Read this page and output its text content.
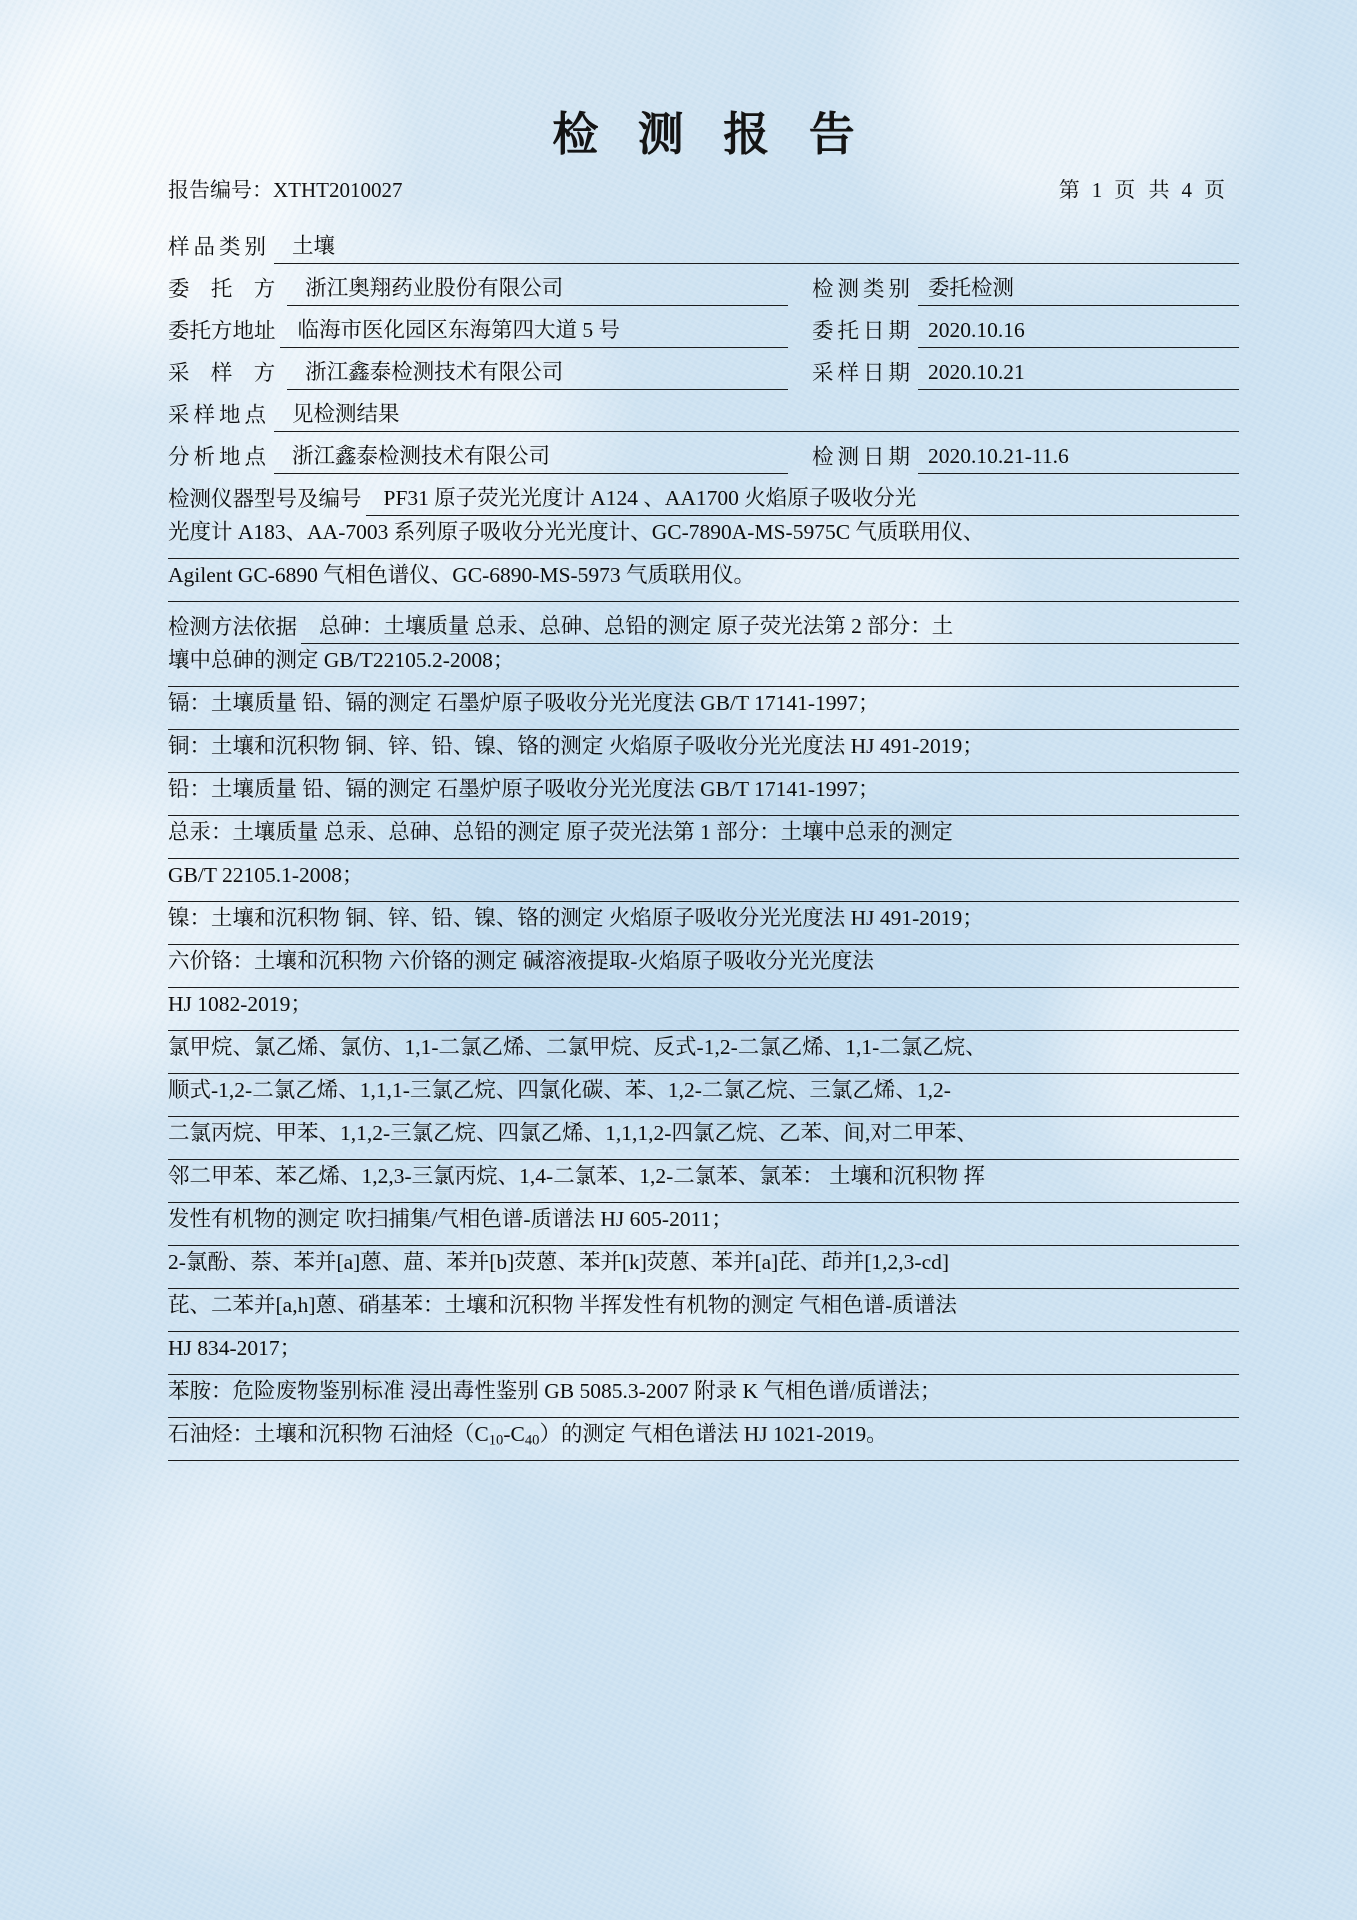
检 测 报 告
报告编号：XTHT2010027	第 1 页 共 4 页
样品类别	土壤
委 托 方	浙江奥翔药业股份有限公司	检测类别 委托检测
委托方地址	临海市医化园区东海第四大道 5 号	委托日期 2020.10.16
采 样 方	浙江鑫泰检测技术有限公司	采样日期 2020.10.21
采样地点	见检测结果
分析地点	浙江鑫泰检测技术有限公司	检测日期 2020.10.21-11.6
检测仪器型号及编号	PF31 原子荧光光度计 A124 、AA1700 火焰原子吸收分光
光度计 A183、AA-7003 系列原子吸收分光光度计、GC-7890A-MS-5975C 气质联用仪、
Agilent GC-6890 气相色谱仪、GC-6890-MS-5973 气质联用仪。
检测方法依据	总砷：土壤质量 总汞、总砷、总铅的测定 原子荧光法第 2 部分：土
壤中总砷的测定 GB/T22105.2-2008；
镉：土壤质量 铅、镉的测定 石墨炉原子吸收分光光度法 GB/T 17141-1997；
铜：土壤和沉积物 铜、锌、铅、镍、铬的测定 火焰原子吸收分光光度法 HJ 491-2019；
铅：土壤质量 铅、镉的测定 石墨炉原子吸收分光光度法 GB/T 17141-1997；
总汞：土壤质量 总汞、总砷、总铅的测定 原子荧光法第 1 部分：土壤中总汞的测定
GB/T 22105.1-2008；
镍：土壤和沉积物 铜、锌、铅、镍、铬的测定 火焰原子吸收分光光度法 HJ 491-2019；
六价铬：土壤和沉积物 六价铬的测定 碱溶液提取-火焰原子吸收分光光度法
HJ 1082-2019；
氯甲烷、氯乙烯、氯仿、1,1-二氯乙烯、二氯甲烷、反式-1,2-二氯乙烯、1,1-二氯乙烷、
顺式-1,2-二氯乙烯、1,1,1-三氯乙烷、四氯化碳、苯、1,2-二氯乙烷、三氯乙烯、1,2-
二氯丙烷、甲苯、1,1,2-三氯乙烷、四氯乙烯、1,1,1,2-四氯乙烷、乙苯、间,对二甲苯、
邻二甲苯、苯乙烯、1,2,3-三氯丙烷、1,4-二氯苯、1,2-二氯苯、氯苯： 土壤和沉积物 挥
发性有机物的测定 吹扫捕集/气相色谱-质谱法 HJ 605-2011；
2-氯酚、萘、苯并[a]蒽、䓛、苯并[b]荧蒽、苯并[k]荧蒽、苯并[a]芘、茚并[1,2,3-cd]
芘、二苯并[a,h]蒽、硝基苯：土壤和沉积物 半挥发性有机物的测定 气相色谱-质谱法
HJ 834-2017；
苯胺：危险废物鉴别标准 浸出毒性鉴别 GB 5085.3-2007 附录 K 气相色谱/质谱法；
石油烃：土壤和沉积物 石油烃$(C_{10}-C_{40})$的测定 气相色谱法 HJ 1021-2019。
